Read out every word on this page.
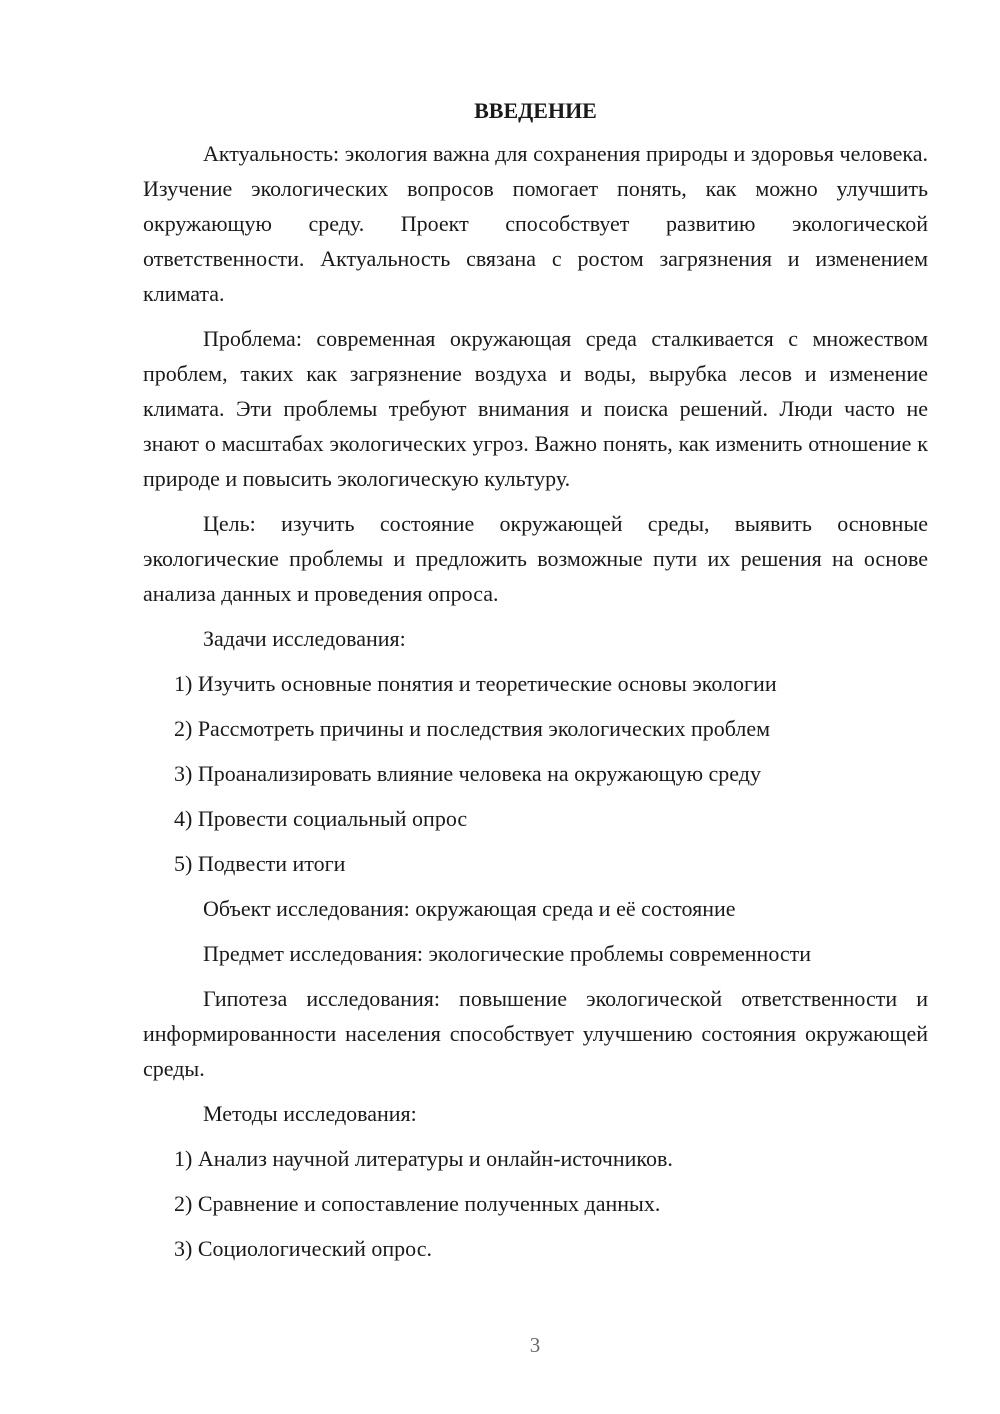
ВВЕДЕНИЕ

Актуальность: экология важна для сохранения природы и здоровья человека. Изучение экологических вопросов помогает понять, как можно улучшить окружающую среду. Проект способствует развитию экологической ответственности. Актуальность связана с ростом загрязнения и изменением климата.

Проблема: современная окружающая среда сталкивается с множеством проблем, таких как загрязнение воздуха и воды, вырубка лесов и изменение климата. Эти проблемы требуют внимания и поиска решений. Люди часто не знают о масштабах экологических угроз. Важно понять, как изменить отношение к природе и повысить экологическую культуру.

Цель: изучить состояние окружающей среды, выявить основные экологические проблемы и предложить возможные пути их решения на основе анализа данных и проведения опроса.

Задачи исследования:

1) Изучить основные понятия и теоретические основы экологии

2) Рассмотреть причины и последствия экологических проблем

3) Проанализировать влияние человека на окружающую среду

4) Провести социальный опрос

5) Подвести итоги

Объект исследования: окружающая среда и её состояние

Предмет исследования: экологические проблемы современности

Гипотеза исследования: повышение экологической ответственности и информированности населения способствует улучшению состояния окружающей среды.

Методы исследования:

1) Анализ научной литературы и онлайн-источников.

2) Сравнение и сопоставление полученных данных.

3) Социологический опрос.

3
